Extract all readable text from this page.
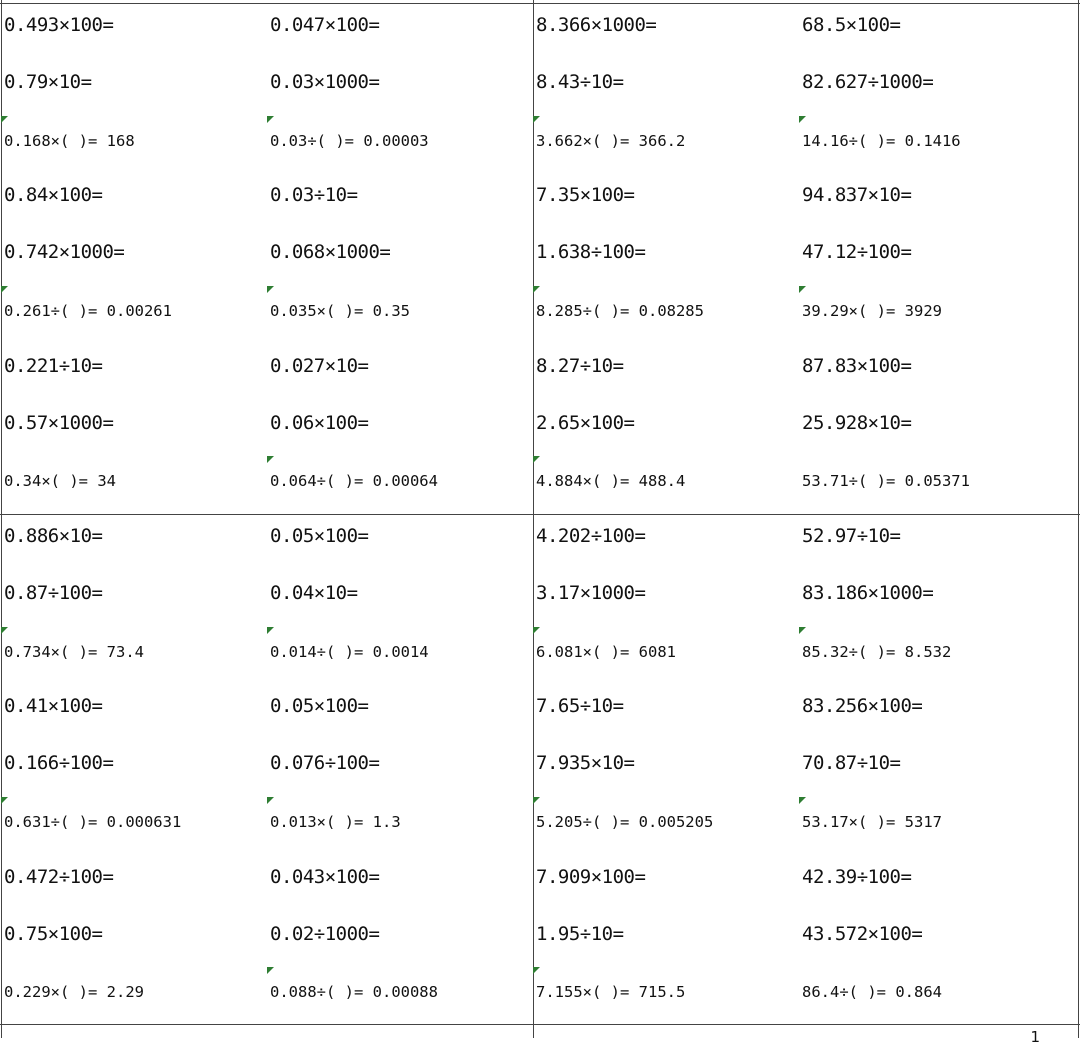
0.493×100=	0.047×100=	8.366×1000=	68.5×100=
0.79×10=	0.03×1000=	8.43÷10=	82.627÷1000=
0.168×( )= 168	0.03÷( )= 0.00003	3.662×( )= 366.2	14.16÷( )= 0.1416
0.84×100=	0.03÷10=	7.35×100=	94.837×10=
0.742×1000=	0.068×1000=	1.638÷100=	47.12÷100=
0.261÷( )= 0.00261	0.035×( )= 0.35	8.285÷( )= 0.08285	39.29×( )= 3929
0.221÷10=	0.027×10=	8.27÷10=	87.83×100=
0.57×1000=	0.06×100=	2.65×100=	25.928×10=
0.34×( )= 34	0.064÷( )= 0.00064	4.884×( )= 488.4	53.71÷( )= 0.05371
0.886×10=	0.05×100=	4.202÷100=	52.97÷10=
0.87÷100=	0.04×10=	3.17×1000=	83.186×1000=
0.734×( )= 73.4	0.014÷( )= 0.0014	6.081×( )= 6081	85.32÷( )= 8.532
0.41×100=	0.05×100=	7.65÷10=	83.256×100=
0.166÷100=	0.076÷100=	7.935×10=	70.87÷10=
0.631÷( )= 0.000631	0.013×( )= 1.3	5.205÷( )= 0.005205	53.17×( )= 5317
0.472÷100=	0.043×100=	7.909×100=	42.39÷100=
0.75×100=	0.02÷1000=	1.95÷10=	43.572×100=
0.229×( )= 2.29	0.088÷( )= 0.00088	7.155×( )= 715.5	86.4÷( )= 0.864
1
